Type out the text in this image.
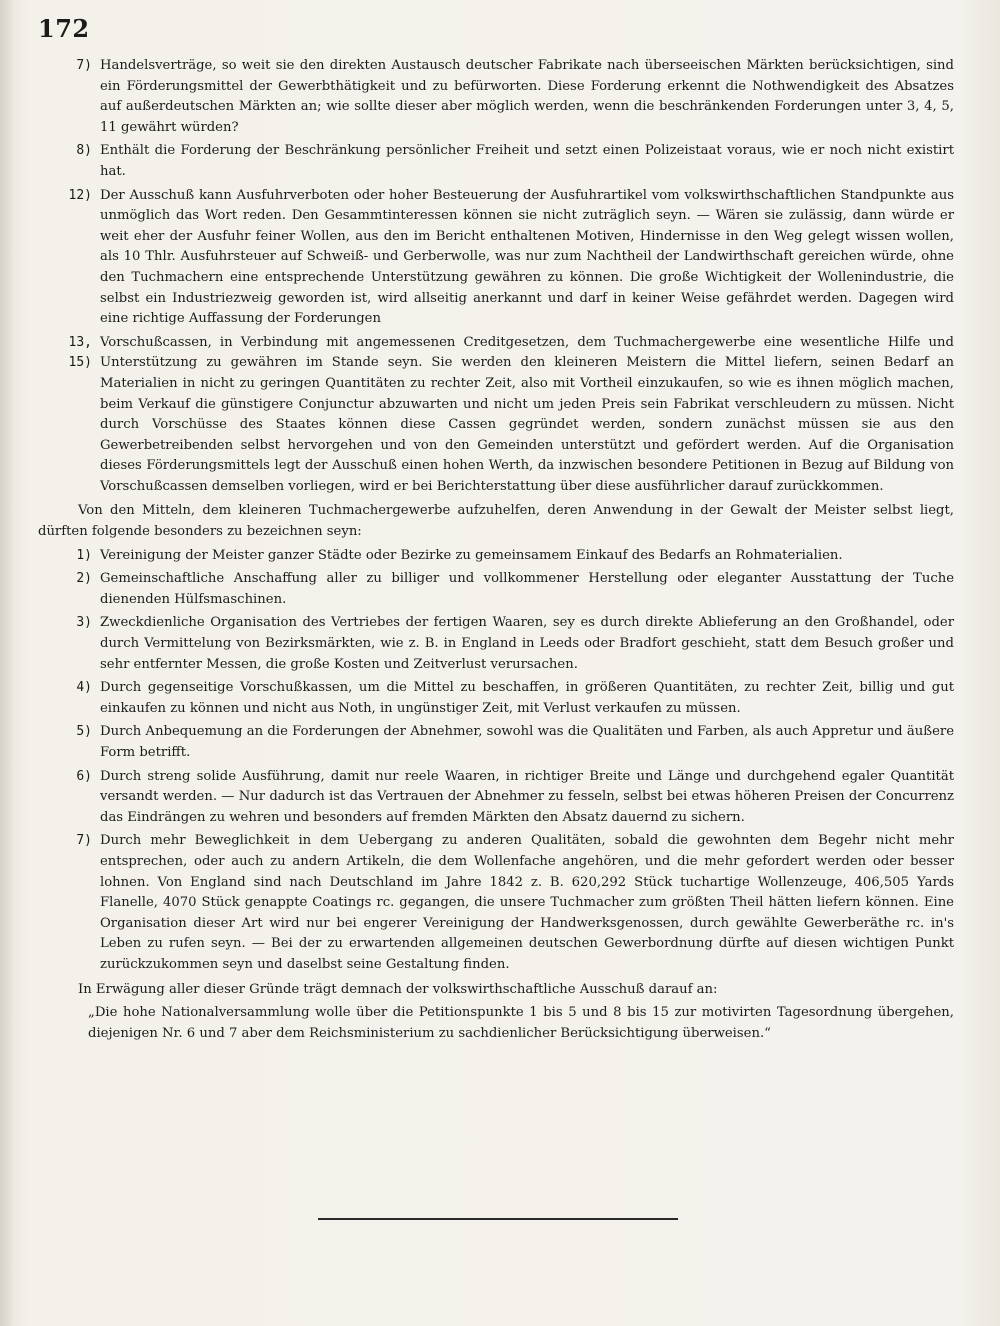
172
7) Handelsverträge, so weit sie den direkten Austausch deutscher Fabrikate nach überseeischen Märkten berücksichtigen, sind ein Förderungsmittel der Gewerbthätigkeit und zu befürworten. Diese Forderung erkennt die Nothwendigkeit des Absatzes auf außerdeutschen Märkten an; wie sollte dieser aber möglich werden, wenn die beschränkenden Forderungen unter 3, 4, 5, 11 gewährt würden?
8) Enthält die Forderung der Beschränkung persönlicher Freiheit und setzt einen Polizeistaat voraus, wie er noch nicht existirt hat.
12) Der Ausschuß kann Ausfuhrverboten oder hoher Besteuerung der Ausfuhrartikel vom volkswirthschaftlichen Standpunkte aus unmöglich das Wort reden. Den Gesammtinteressen können sie nicht zuträglich seyn. — Wären sie zulässig, dann würde er weit eher der Ausfuhr feiner Wollen, aus den im Bericht enthaltenen Motiven, Hindernisse in den Weg gelegt wissen wollen, als 10 Thlr. Ausfuhrsteuer auf Schweiß- und Gerberwolle, was nur zum Nachtheil der Landwirthschaft gereichen würde, ohne den Tuchmachern eine entsprechende Unterstützung gewähren zu können. Die große Wichtigkeit der Wollenindustrie, die selbst ein Industriezweig geworden ist, wird allseitig anerkannt und darf in keiner Weise gefährdet werden. Dagegen wird eine richtige Auffassung der Forderungen
13, 15)
Vorschußcassen, in Verbindung mit angemessenen Creditgesetzen, dem Tuchmachergewerbe eine wesentliche Hilfe und Unterstützung zu gewähren im Stande seyn. Sie werden den kleineren Meistern die Mittel liefern, seinen Bedarf an Materialien in nicht zu geringen Quantitäten zu rechter Zeit, also mit Vortheil einzukaufen, so wie es ihnen möglich machen, beim Verkauf die günstigere Conjunctur abzuwarten und nicht um jeden Preis sein Fabrikat verschleudern zu müssen. Nicht durch Vorschüsse des Staates können diese Cassen gegründet werden, sondern zunächst müssen sie aus den Gewerbetreibenden selbst hervorgehen und von den Gemeinden unterstützt und gefördert werden. Auf die Organisation dieses Förderungsmittels legt der Ausschuß einen hohen Werth, da inzwischen besondere Petitionen in Bezug auf Bildung von Vorschußcassen demselben vorliegen, wird er bei Berichterstattung über diese ausführlicher darauf zurückkommen.

Von den Mitteln, dem kleineren Tuchmachergewerbe aufzuhelfen, deren Anwendung in der Gewalt der Meister selbst liegt, dürften folgende besonders zu bezeichnen seyn:

1) Vereinigung der Meister ganzer Städte oder Bezirke zu gemeinsamem Einkauf des Bedarfs an Rohmaterialien.
2) Gemeinschaftliche Anschaffung aller zu billiger und vollkommener Herstellung oder eleganter Ausstattung der Tuche dienenden Hülfsmaschinen.
3) Zweckdienliche Organisation des Vertriebes der fertigen Waaren, sey es durch direkte Ablieferung an den Großhandel, oder durch Vermittelung von Bezirksmärkten, wie z. B. in England in Leeds oder Bradfort geschieht, statt dem Besuch großer und sehr entfernter Messen, die große Kosten und Zeitverlust verursachen.
4) Durch gegenseitige Vorschußkassen, um die Mittel zu beschaffen, in größeren Quantitäten, zu rechter Zeit, billig und gut einkaufen zu können und nicht aus Noth, in ungünstiger Zeit, mit Verlust verkaufen zu müssen.
5) Durch Anbequemung an die Forderungen der Abnehmer, sowohl was die Qualitäten und Farben, als auch Appretur und äußere Form betrifft.
6) Durch streng solide Ausführung, damit nur reele Waaren, in richtiger Breite und Länge und durchgehend egaler Quantität versandt werden. — Nur dadurch ist das Vertrauen der Abnehmer zu fesseln, selbst bei etwas höheren Preisen der Concurrenz das Eindrängen zu wehren und besonders auf fremden Märkten den Absatz dauernd zu sichern.
7) Durch mehr Beweglichkeit in dem Uebergang zu anderen Qualitäten, sobald die gewohnten dem Begehr nicht mehr entsprechen, oder auch zu andern Artikeln, die dem Wollenfache angehören, und die mehr gefordert werden oder besser lohnen. Von England sind nach Deutschland im Jahre 1842 z. B. 620,292 Stück tuchartige Wollenzeuge, 406,505 Yards Flanelle, 4070 Stück genappte Coatings rc. gegangen, die unsere Tuchmacher zum größten Theil hätten liefern können. Eine Organisation dieser Art wird nur bei engerer Vereinigung der Handwerksgenossen, durch gewählte Gewerberäthe rc. in's Leben zu rufen seyn. — Bei der zu erwartenden allgemeinen deutschen Gewerbordnung dürfte auf diesen wichtigen Punkt zurückzukommen seyn und daselbst seine Gestaltung finden.

In Erwägung aller dieser Gründe trägt demnach der volkswirthschaftliche Ausschuß darauf an:

„Die hohe Nationalversammlung wolle über die Petitionspunkte 1 bis 5 und 8 bis 15 zur motivirten Tagesordnung übergehen, diejenigen Nr. 6 und 7 aber dem Reichsministerium zu sachdienlicher Berücksichtigung überweisen.“
